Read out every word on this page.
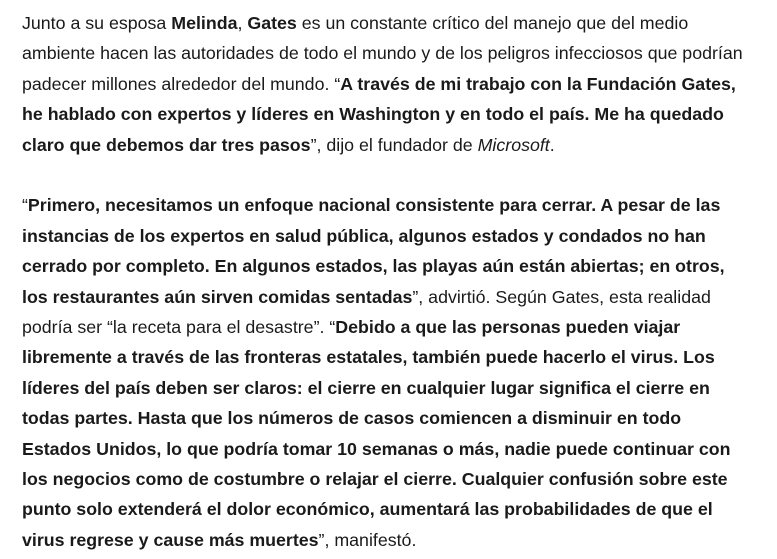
Junto a su esposa Melinda, Gates es un constante crítico del manejo que del medio
ambiente hacen las autoridades de todo el mundo y de los peligros infecciosos que podrían
padecer millones alrededor del mundo. “A través de mi trabajo con la Fundación Gates,
he hablado con expertos y líderes en Washington y en todo el país. Me ha quedado
claro que debemos dar tres pasos”, dijo el fundador de Microsoft.

“Primero, necesitamos un enfoque nacional consistente para cerrar. A pesar de las
instancias de los expertos en salud pública, algunos estados y condados no han
cerrado por completo. En algunos estados, las playas aún están abiertas; en otros,
los restaurantes aún sirven comidas sentadas”, advirtió. Según Gates, esta realidad
podría ser “la receta para el desastre”. “Debido a que las personas pueden viajar
libremente a través de las fronteras estatales, también puede hacerlo el virus. Los
líderes del país deben ser claros: el cierre en cualquier lugar significa el cierre en
todas partes. Hasta que los números de casos comiencen a disminuir en todo
Estados Unidos, lo que podría tomar 10 semanas o más, nadie puede continuar con
los negocios como de costumbre o relajar el cierre. Cualquier confusión sobre este
punto solo extenderá el dolor económico, aumentará las probabilidades de que el
virus regrese y cause más muertes”, manifestó.
